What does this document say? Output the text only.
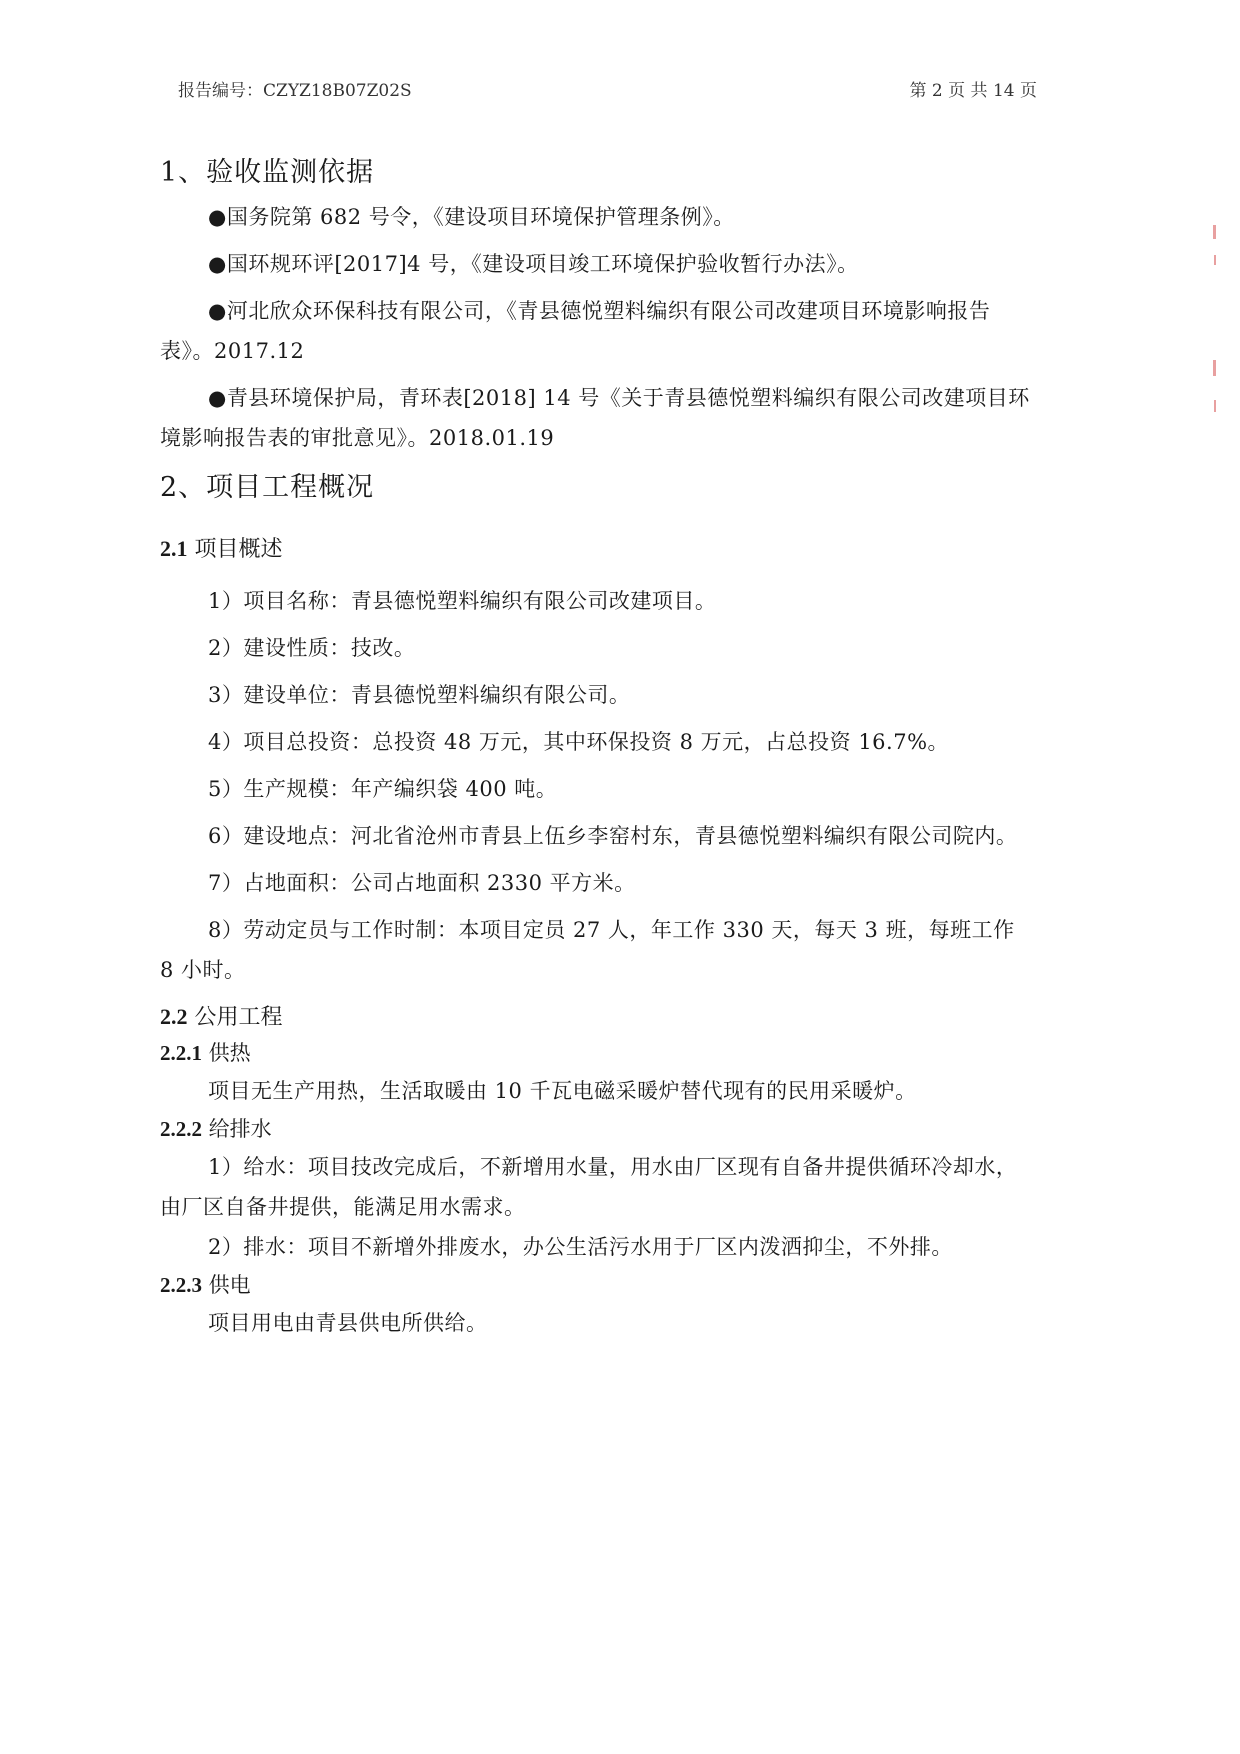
报告编号：CZYZ18B07Z02S	第 2 页 共 14 页
1、验收监测依据

●国务院第 682 号令，《建设项目环境保护管理条例》。

●国环规环评[2017]4 号，《建设项目竣工环境保护验收暂行办法》。

●河北欣众环保科技有限公司，《青县德悦塑料编织有限公司改建项目环境影响报告表》。2017.12

●青县环境保护局，青环表[2018] 14 号《关于青县德悦塑料编织有限公司改建项目环境影响报告表的审批意见》。2018.01.19

2、项目工程概况
2.1 项目概述

1）项目名称：青县德悦塑料编织有限公司改建项目。

2）建设性质：技改。

3）建设单位：青县德悦塑料编织有限公司。

4）项目总投资：总投资 48 万元，其中环保投资 8 万元，占总投资 16.7%。

5）生产规模：年产编织袋 400 吨。

6）建设地点：河北省沧州市青县上伍乡李窑村东，青县德悦塑料编织有限公司院内。

7）占地面积：公司占地面积 2330 平方米。

8）劳动定员与工作时制：本项目定员 27 人，年工作 330 天，每天 3 班，每班工作 8 小时。

2.2 公用工程
2.2.1 供热

项目无生产用热，生活取暖由 10 千瓦电磁采暖炉替代现有的民用采暖炉。

2.2.2 给排水

1）给水：项目技改完成后，不新增用水量，用水由厂区现有自备井提供循环冷却水，由厂区自备井提供，能满足用水需求。

2）排水：项目不新增外排废水，办公生活污水用于厂区内泼洒抑尘，不外排。

2.2.3 供电

项目用电由青县供电所供给。
